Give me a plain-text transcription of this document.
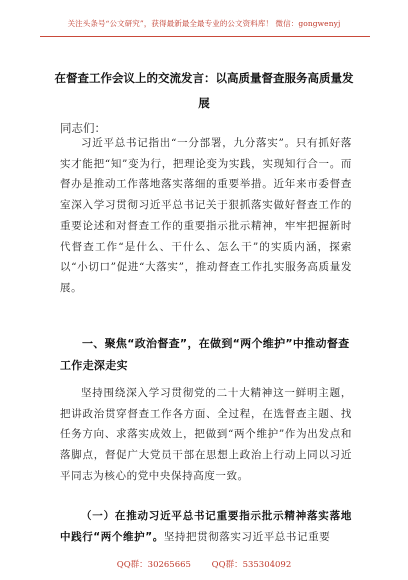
关注头条号“公文研究”，获得最新最全最专业的公文资料库！ 微信：gongwenyj
在督查工作会议上的交流发言：以高质量督查服务高质量发展
同志们：
习近平总书记指出“一分部署，九分落实”。只有抓好落实才能把“知”变为行，把理论变为实践，实现知行合一。而督办是推动工作落地落实落细的重要举措。近年来市委督查室深入学习贯彻习近平总书记关于狠抓落实做好督查工作的重要论述和对督查工作的重要指示批示精神，牢牢把握新时代督查工作“是什么、干什么、怎么干”的实质内涵，探索以“小切口”促进“大落实”，推动督查工作扎实服务高质量发展。
一、聚焦“政治督查”，在做到“两个维护”中推动督查工作走深走实
坚持围绕深入学习贯彻党的二十大精神这一鲜明主题，把讲政治贯穿督查工作各方面、全过程，在选督查主题、找任务方向、求落实成效上，把做到“两个维护”作为出发点和落脚点，督促广大党员干部在思想上政治上行动上同以习近平同志为核心的党中央保持高度一致。
（一）在推动习近平总书记重要指示批示精神落实落地中践行“两个维护”。坚持把贯彻落实习近平总书记重要
QQ群：30265665 QQ群：535304092
